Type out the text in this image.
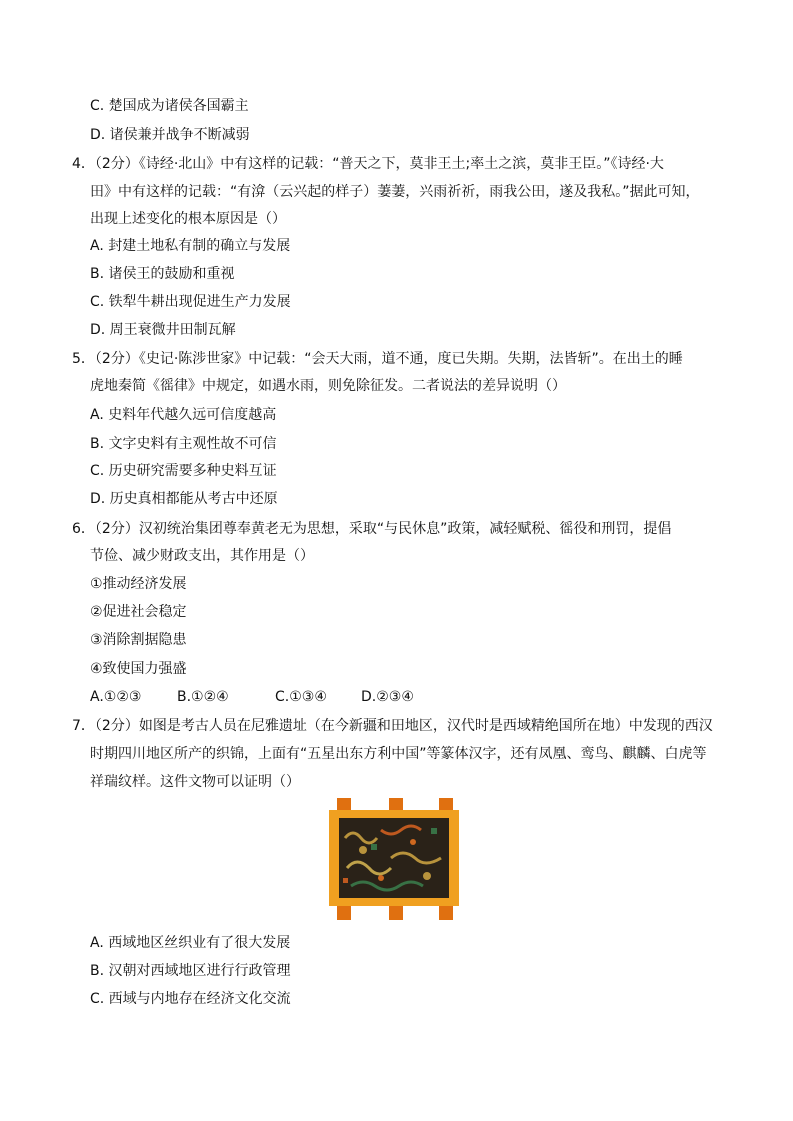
C. 楚国成为诸侯各国霸主
D. 诸侯兼并战争不断减弱
4．（2分）《诗经·北山》中有这样的记载：“普天之下，莫非王土;率土之滨，莫非王臣。”《诗经·大
田》中有这样的记载：“有渰（云兴起的样子）萋萋，兴雨祈祈，雨我公田，遂及我私。”据此可知，
出现上述变化的根本原因是（）
A. 封建土地私有制的确立与发展
B. 诸侯王的鼓励和重视
C. 铁犁牛耕出现促进生产力发展
D. 周王衰微井田制瓦解
5．（2分）《史记·陈涉世家》中记载：“会天大雨，道不通，度已失期。失期，法皆斩”。在出土的睡
虎地秦简《徭律》中规定，如遇水雨，则免除征发。二者说法的差异说明（）
A. 史料年代越久远可信度越高
B. 文字史料有主观性故不可信
C. 历史研究需要多种史料互证
D. 历史真相都能从考古中还原
6．（2分）汉初统治集团尊奉黄老无为思想，采取“与民休息”政策，减轻赋税、徭役和刑罚，提倡
节俭、减少财政支出，其作用是（）
①推动经济发展
②促进社会稳定
③消除割据隐患
④致使国力强盛
A.①②③	B.①②④	C.①③④ D.②③④
7．（2分）如图是考古人员在尼雅遗址（在今新疆和田地区，汉代时是西域精绝国所在地）中发现的西汉
时期四川地区所产的织锦，上面有“五星出东方利中国”等篆体汉字，还有凤凰、鸾鸟、麒麟、白虎等
祥瑞纹样。这件文物可以证明（）
A. 西域地区丝织业有了很大发展
B. 汉朝对西域地区进行行政管理
C. 西域与内地存在经济文化交流
